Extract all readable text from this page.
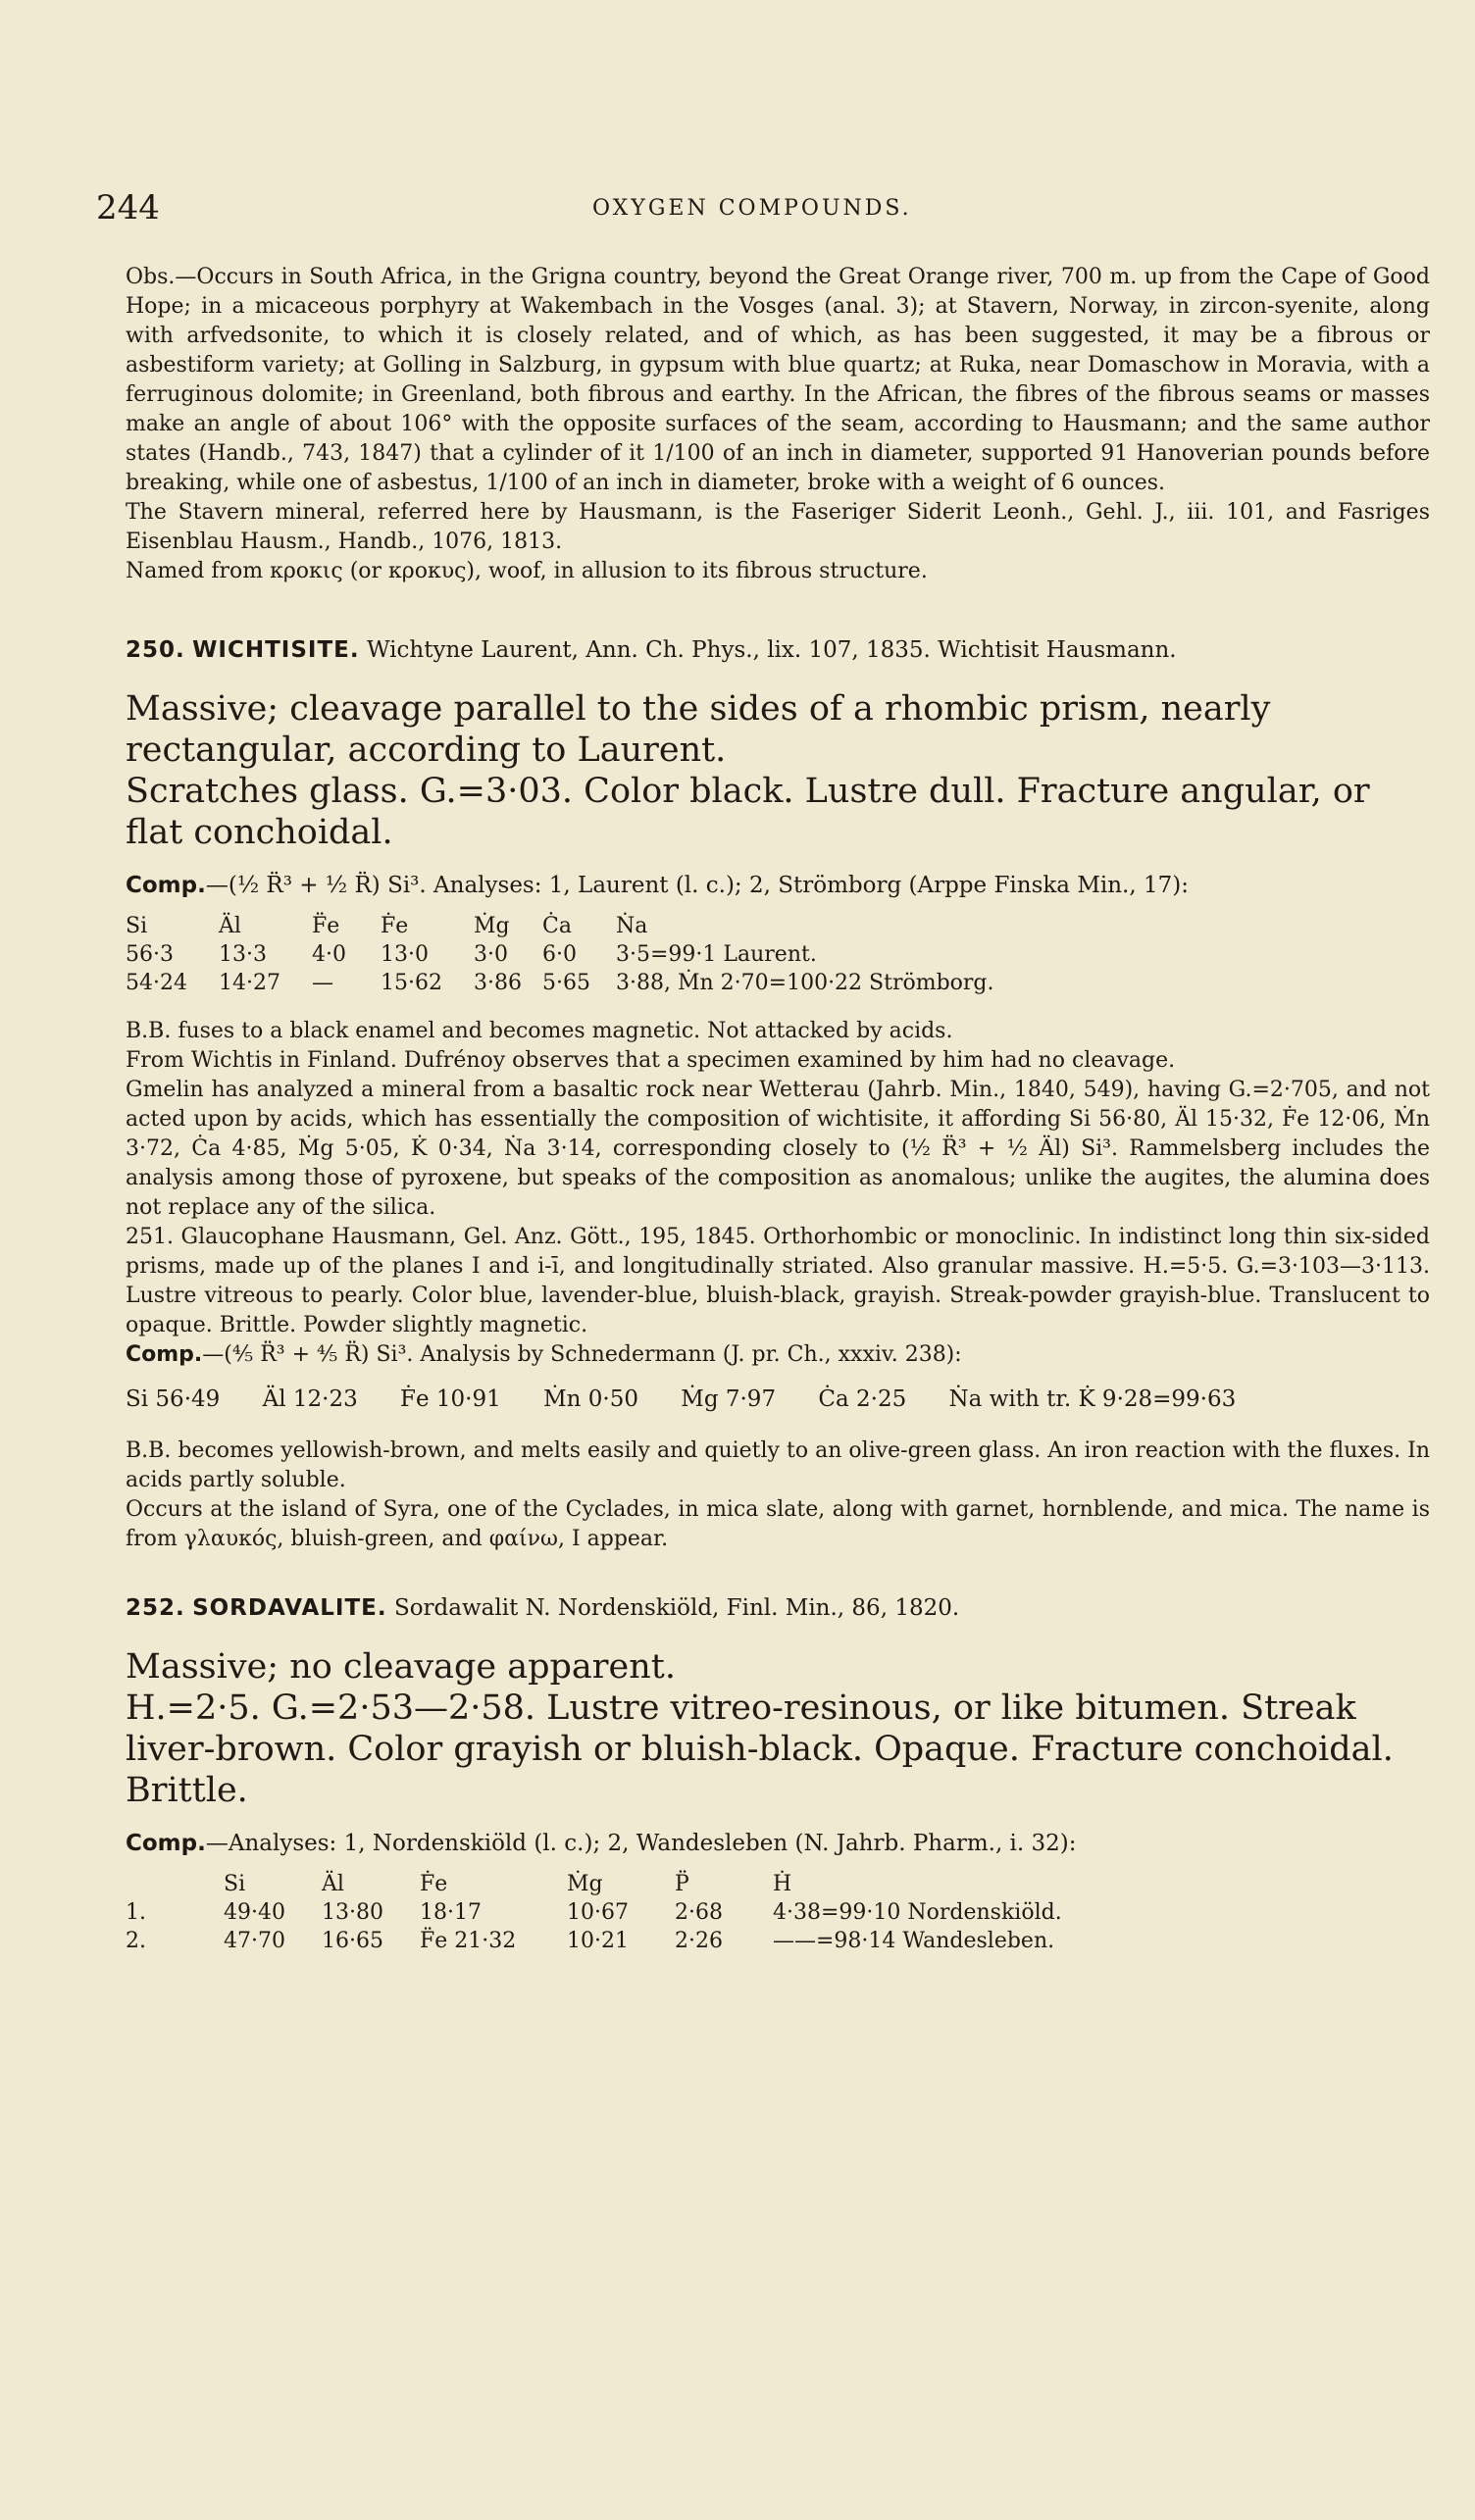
244	OXYGEN COMPOUNDS.

Obs.—Occurs in South Africa, in the Grigna country, beyond the Great Orange river, 700 m. up from the Cape of Good Hope; in a micaceous porphyry at Wakembach in the Vosges (anal. 3); at Stavern, Norway, in zircon-syenite, along with arfvedsonite, to which it is closely related, and of which, as has been suggested, it may be a fibrous or asbestiform variety; at Golling in Salzburg, in gypsum with blue quartz; at Ruka, near Domaschow in Moravia, with a ferruginous dolomite; in Greenland, both fibrous and earthy. In the African, the fibres of the fibrous seams or masses make an angle of about 106° with the opposite surfaces of the seam, according to Hausmann; and the same author states (Handb., 743, 1847) that a cylinder of it 1/100 of an inch in diameter, supported 91 Hanoverian pounds before breaking, while one of asbestus, 1/100 of an inch in diameter, broke with a weight of 6 ounces.

The Stavern mineral, referred here by Hausmann, is the Faseriger Siderit Leonh., Gehl. J., iii. 101, and Fasriges Eisenblau Hausm., Handb., 1076, 1813.

Named from κροκις (or κροκυς), woof, in allusion to its fibrous structure.

250. WICHTISITE. Wichtyne Laurent, Ann. Ch. Phys., lix. 107, 1835. Wichtisit Hausmann.

Massive; cleavage parallel to the sides of a rhombic prism, nearly rectangular, according to Laurent.

Scratches glass. G.=3·03. Color black. Lustre dull. Fracture angular, or flat conchoidal.

Comp.—(½ R̈³ + ½ R̈) Si³. Analyses: 1, Laurent (l. c.); 2, Strömborg (Arppe Finska Min., 17):
Si	Äl	F̈e	Ḟe	Ṁg	Ċa	Ṅa
56·3	13·3	4·0	13·0	3·0	6·0	3·5=99·1 Laurent.
54·24	14·27	—	15·62	3·86	5·65	3·88, Ṁn 2·70=100·22 Strömborg.

B.B. fuses to a black enamel and becomes magnetic. Not attacked by acids.

From Wichtis in Finland. Dufrénoy observes that a specimen examined by him had no cleavage.

Gmelin has analyzed a mineral from a basaltic rock near Wetterau (Jahrb. Min., 1840, 549), having G.=2·705, and not acted upon by acids, which has essentially the composition of wichtisite, it affording Si 56·80, Äl 15·32, Ḟe 12·06, Ṁn 3·72, Ċa 4·85, Ṁg 5·05, K̇ 0·34, Ṅa 3·14, corresponding closely to (½ R̈³ + ½ Äl) Si³. Rammelsberg includes the analysis among those of pyroxene, but speaks of the composition as anomalous; unlike the augites, the alumina does not replace any of the silica.

251. Glaucophane Hausmann, Gel. Anz. Gött., 195, 1845. Orthorhombic or monoclinic. In indistinct long thin six-sided prisms, made up of the planes I and i-ī, and longitudinally striated. Also granular massive. H.=5·5. G.=3·103—3·113. Lustre vitreous to pearly. Color blue, lavender-blue, bluish-black, grayish. Streak-powder grayish-blue. Translucent to opaque. Brittle. Powder slightly magnetic.

Comp.—(⅘ R̈³ + ⅘ R̈) Si³. Analysis by Schnedermann (J. pr. Ch., xxxiv. 238):
Si 56·49 Äl 12·23 Ḟe 10·91 Ṁn 0·50 Ṁg 7·97 Ċa 2·25 Ṅa with tr. K̇ 9·28=99·63

B.B. becomes yellowish-brown, and melts easily and quietly to an olive-green glass. An iron reaction with the fluxes. In acids partly soluble.

Occurs at the island of Syra, one of the Cyclades, in mica slate, along with garnet, hornblende, and mica. The name is from γλαυκός, bluish-green, and φαίνω, I appear.

252. SORDAVALITE. Sordawalit N. Nordenskiöld, Finl. Min., 86, 1820.

Massive; no cleavage apparent.

H.=2·5. G.=2·53—2·58. Lustre vitreo-resinous, or like bitumen. Streak liver-brown. Color grayish or bluish-black. Opaque. Fracture conchoidal. Brittle.

Comp.—Analyses: 1, Nordenskiöld (l. c.); 2, Wandesleben (N. Jahrb. Pharm., i. 32):
	Si	Äl	Ḟe	Ṁg	P̈	Ḣ
1.	49·40	13·80	18·17	10·67	2·68	4·38=99·10 Nordenskiöld.
2.	47·70	16·65	F̈e 21·32	10·21	2·26	——=98·14 Wandesleben.
